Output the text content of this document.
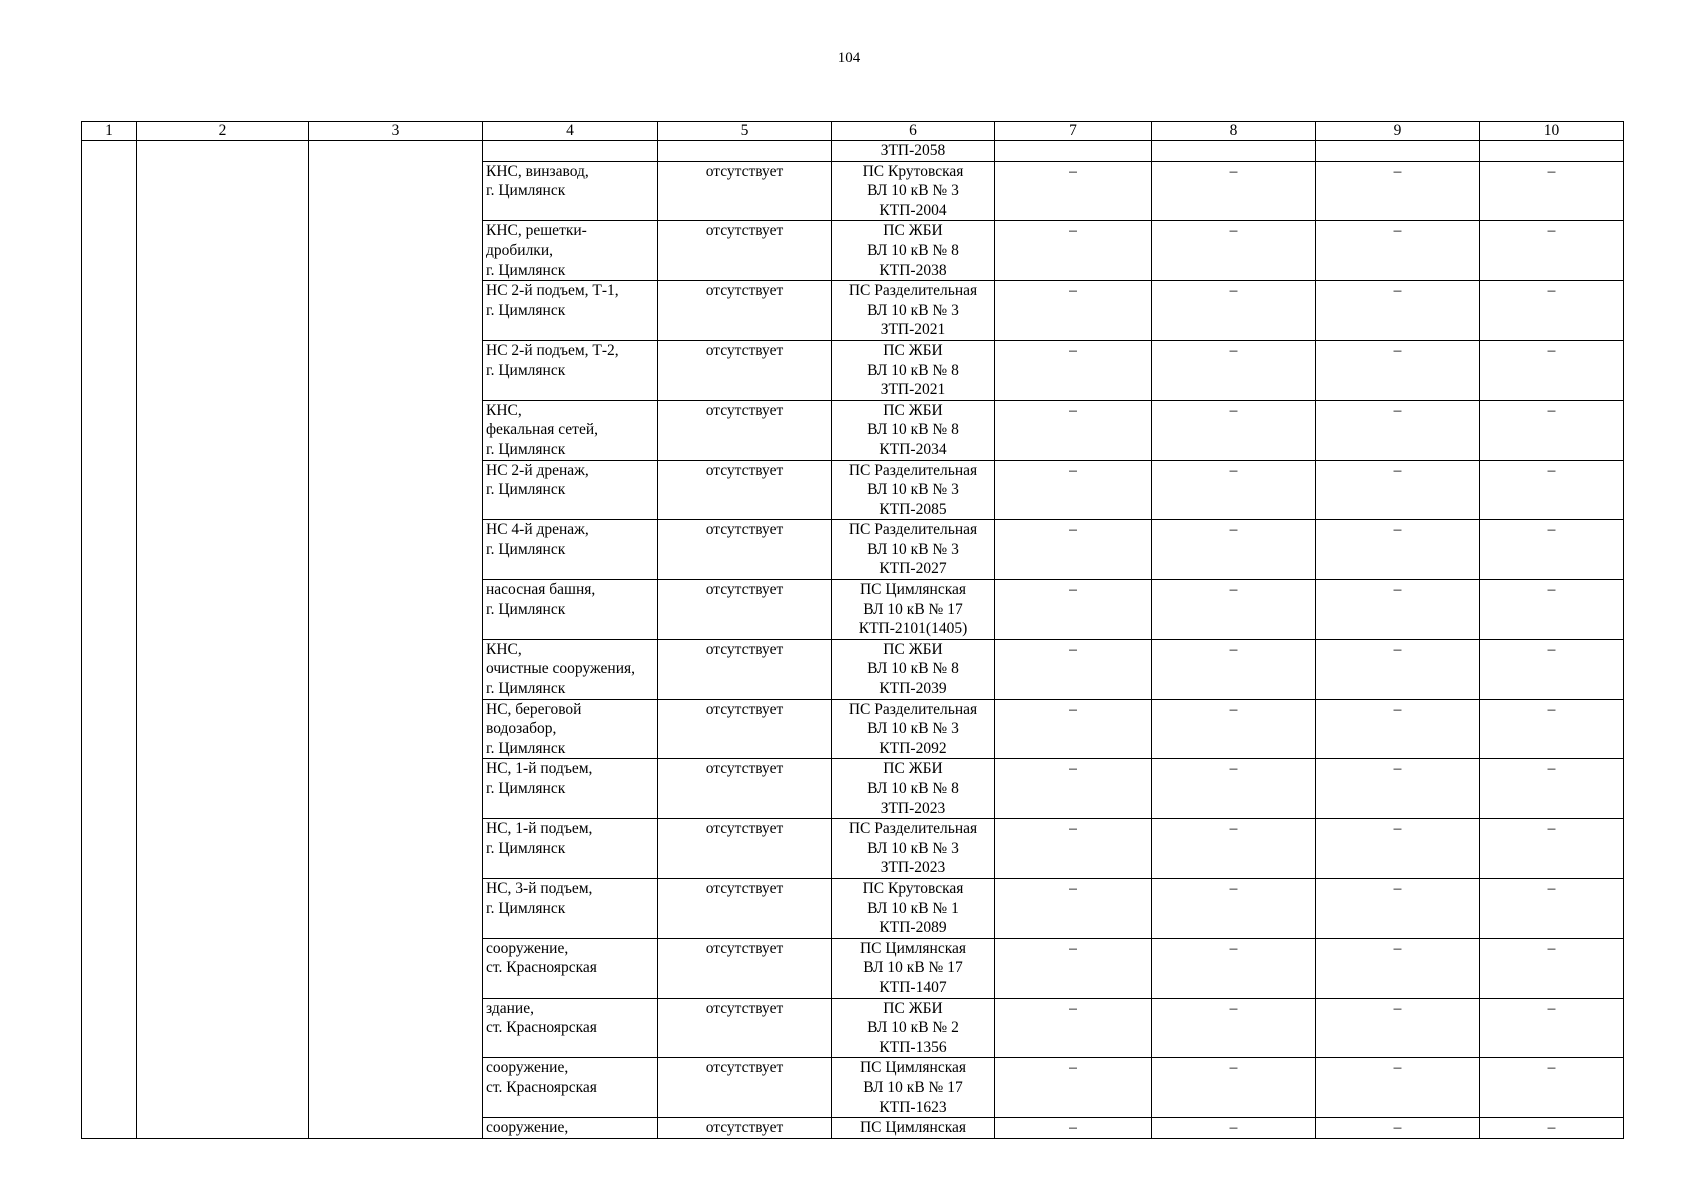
104
1	2	3	4	5	6	7	8	9	10
					ЗТП-2058				

			КНС, винзавод,
г. Цимлянск	отсутствует	ПС Крутовская
ВЛ 10 кВ № 3
КТП-2004	–	–	–	–

			КНС, решетки-
дробилки,
г. Цимлянск	отсутствует	ПС ЖБИ
ВЛ 10 кВ № 8
КТП-2038	–	–	–	–

			НС 2-й подъем, Т-1,
г. Цимлянск	отсутствует	ПС Разделительная
ВЛ 10 кВ № 3
ЗТП-2021	–	–	–	–

			НС 2-й подъем, Т-2,
г. Цимлянск	отсутствует	ПС ЖБИ
ВЛ 10 кВ № 8
ЗТП-2021	–	–	–	–

			КНС,
фекальная сетей,
г. Цимлянск	отсутствует	ПС ЖБИ
ВЛ 10 кВ № 8
КТП-2034	–	–	–	–

			НС 2-й дренаж,
г. Цимлянск	отсутствует	ПС Разделительная
ВЛ 10 кВ № 3
КТП-2085	–	–	–	–

			НС 4-й дренаж,
г. Цимлянск	отсутствует	ПС Разделительная
ВЛ 10 кВ № 3
КТП-2027	–	–	–	–

			насосная башня,
г. Цимлянск	отсутствует	ПС Цимлянская
ВЛ 10 кВ № 17
КТП-2101(1405)	–	–	–	–

			КНС,
очистные сооружения,
г. Цимлянск	отсутствует	ПС ЖБИ
ВЛ 10 кВ № 8
КТП-2039	–	–	–	–

			НС, береговой
водозабор,
г. Цимлянск	отсутствует	ПС Разделительная
ВЛ 10 кВ № 3
КТП-2092	–	–	–	–

			НС, 1-й подъем,
г. Цимлянск	отсутствует	ПС ЖБИ
ВЛ 10 кВ № 8
ЗТП-2023	–	–	–	–

			НС, 1-й подъем,
г. Цимлянск	отсутствует	ПС Разделительная
ВЛ 10 кВ № 3
ЗТП-2023	–	–	–	–

			НС, 3-й подъем,
г. Цимлянск	отсутствует	ПС Крутовская
ВЛ 10 кВ № 1
КТП-2089	–	–	–	–

			сооружение,
ст. Красноярская	отсутствует	ПС Цимлянская
ВЛ 10 кВ № 17
КТП-1407	–	–	–	–

			здание,
ст. Красноярская	отсутствует	ПС ЖБИ
ВЛ 10 кВ № 2
КТП-1356	–	–	–	–

			сооружение,
ст. Красноярская	отсутствует	ПС Цимлянская
ВЛ 10 кВ № 17
КТП-1623	–	–	–	–

			сооружение,	отсутствует	ПС Цимлянская	–	–	–	–
